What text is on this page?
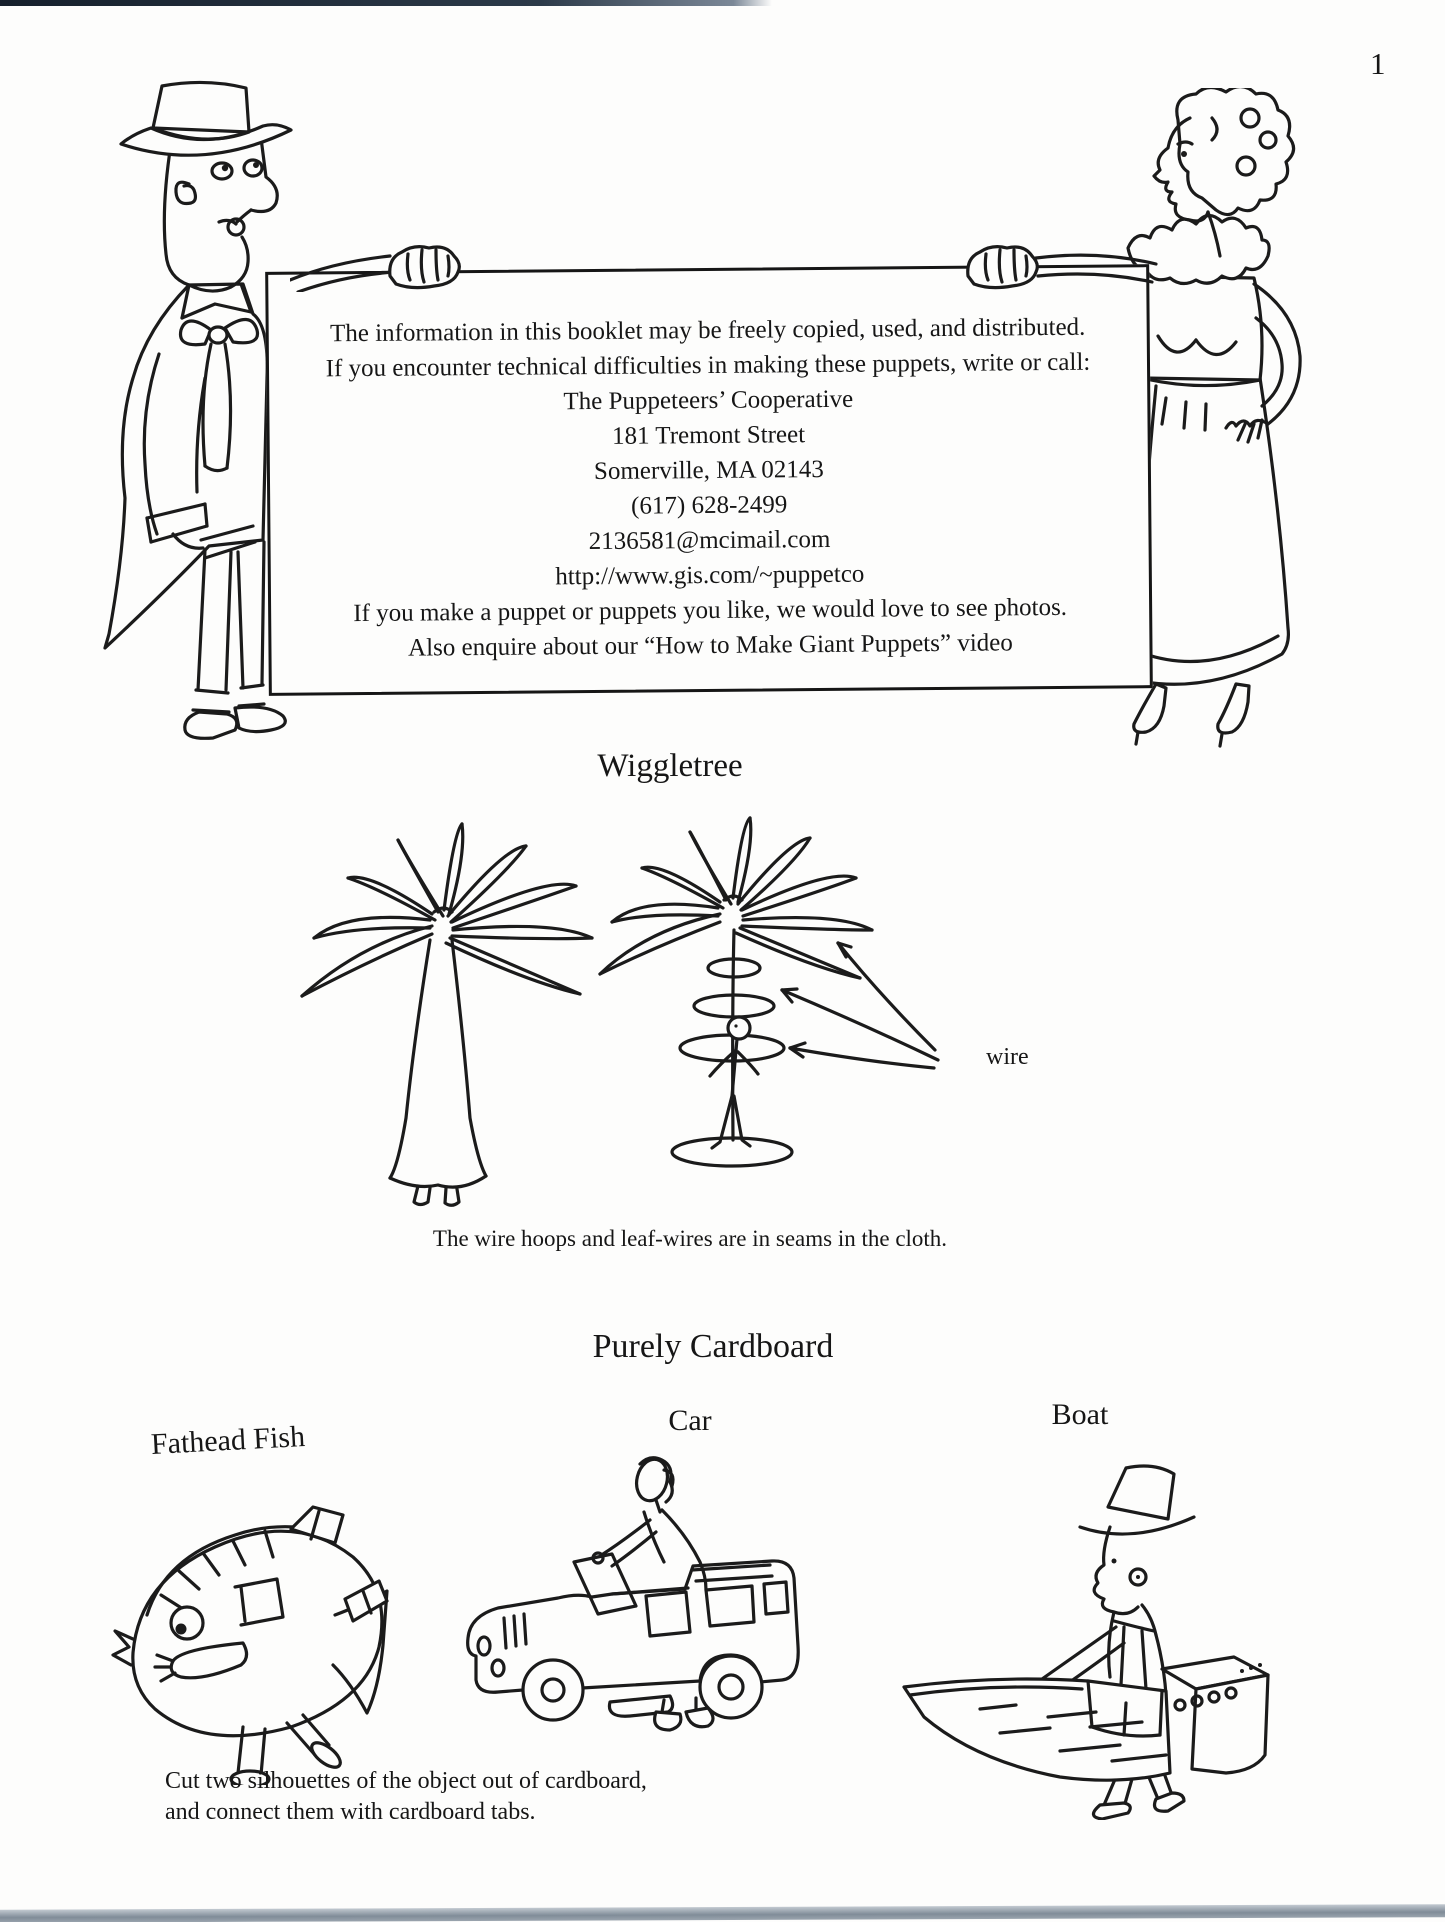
1
The information in this booklet may be freely copied, used, and distributed.
If you encounter technical difficulties in making these puppets, write or call:
The Puppeteers’ Cooperative
181 Tremont Street
Somerville, MA 02143
(617) 628-2499
2136581@mcimail.com
http://www.gis.com/~puppetco
If you make a puppet or puppets you like, we would love to see photos.
Also enquire about our “How to Make Giant Puppets” video
Wiggletree
wire
The wire hoops and leaf-wires are in seams in the cloth.
Purely Cardboard
Fathead Fish	Car	Boat
Cut two silhouettes of the object out of cardboard,
and connect them with cardboard tabs.
